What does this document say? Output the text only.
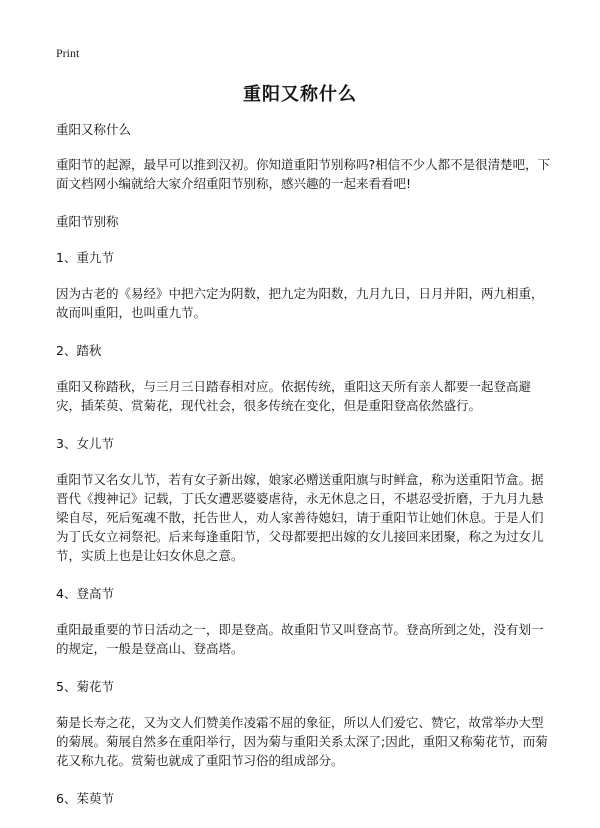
Print
重阳又称什么

重阳又称什么

重阳节的起源，最早可以推到汉初。你知道重阳节别称吗?相信不少人都不是很清楚吧，下面文档网小编就给大家介绍重阳节别称，感兴趣的一起来看看吧!

重阳节别称

1、重九节

因为古老的《易经》中把六定为阴数，把九定为阳数，九月九日，日月并阳，两九相重，故而叫重阳，也叫重九节。

2、踏秋

重阳又称踏秋，与三月三日踏春相对应。依据传统，重阳这天所有亲人都要一起登高避灾，插茱萸、赏菊花，现代社会，很多传统在变化，但是重阳登高依然盛行。

3、女儿节

重阳节又名女儿节，若有女子新出嫁，娘家必赠送重阳旗与时鲜盒，称为送重阳节盒。据晋代《搜神记》记载，丁氏女遭恶婆婆虐待，永无休息之日，不堪忍受折磨，于九月九悬梁自尽，死后冤魂不散，托告世人，劝人家善待媳妇，请于重阳节让她们休息。于是人们为丁氏女立祠祭祀。后来每逢重阳节，父母都要把出嫁的女儿接回来团聚，称之为过女儿节，实质上也是让妇女休息之意。

4、登高节

重阳最重要的节日活动之一，即是登高。故重阳节又叫登高节。登高所到之处，没有划一的规定，一般是登高山、登高塔。

5、菊花节

菊是长寿之花，又为文人们赞美作凌霜不屈的象征，所以人们爱它、赞它，故常举办大型的菊展。菊展自然多在重阳举行，因为菊与重阳关系太深了;因此，重阳又称菊花节，而菊花又称九花。赏菊也就成了重阳节习俗的组成部分。

6、茱萸节
